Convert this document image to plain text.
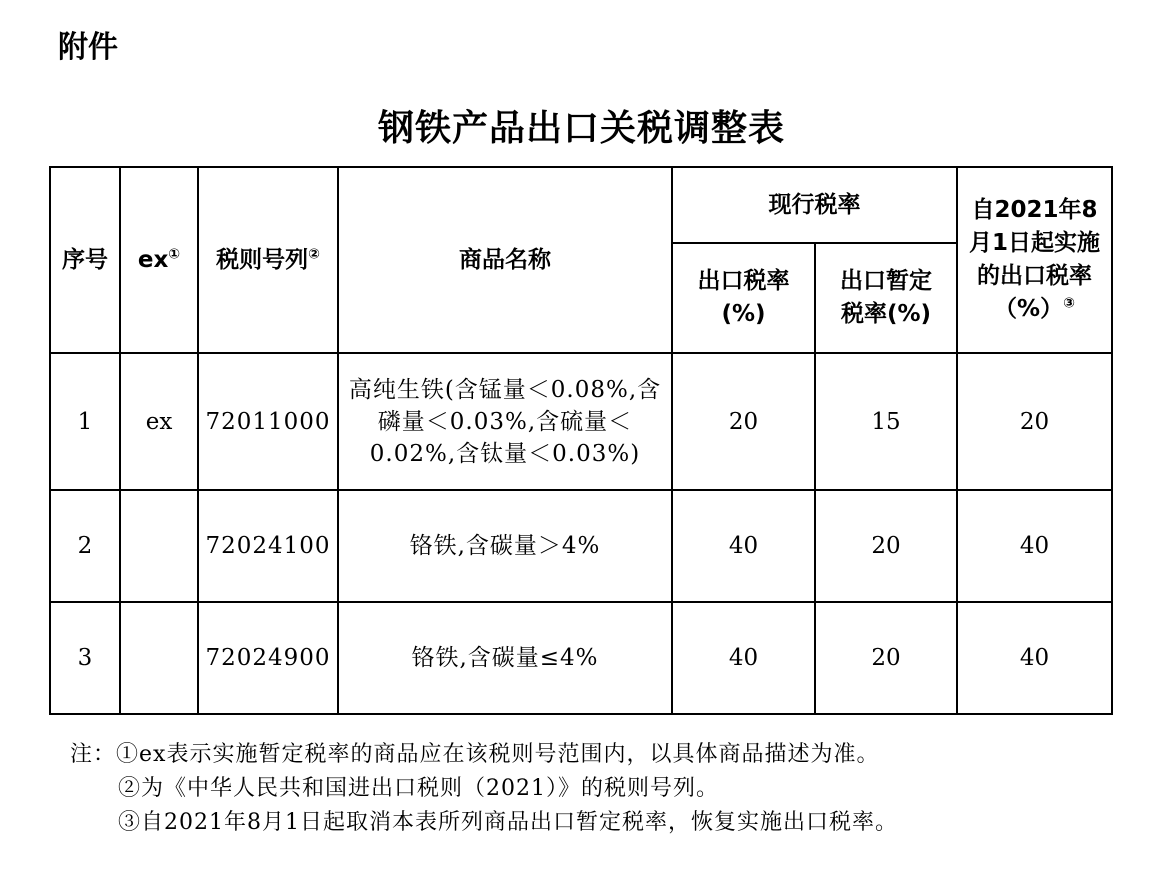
附件
钢铁产品出口关税调整表
序号	ex①	税则号列②	商品名称	现行税率		自2021年8月1日起实施的出口税率（%）③
				出口税率(%)	出口暂定税率(%)	
1	ex	72011000	高纯生铁(含锰量＜0.08%,含磷量＜0.03%,含硫量＜0.02%,含钛量＜0.03%)	20	15	20
2		72024100	铬铁,含碳量＞4%	40	20	40
3		72024900	铬铁,含碳量≤4%	40	20	40
注：①ex表示实施暂定税率的商品应在该税则号范围内，以具体商品描述为准。
②为《中华人民共和国进出口税则（2021）》的税则号列。
③自2021年8月1日起取消本表所列商品出口暂定税率，恢复实施出口税率。
